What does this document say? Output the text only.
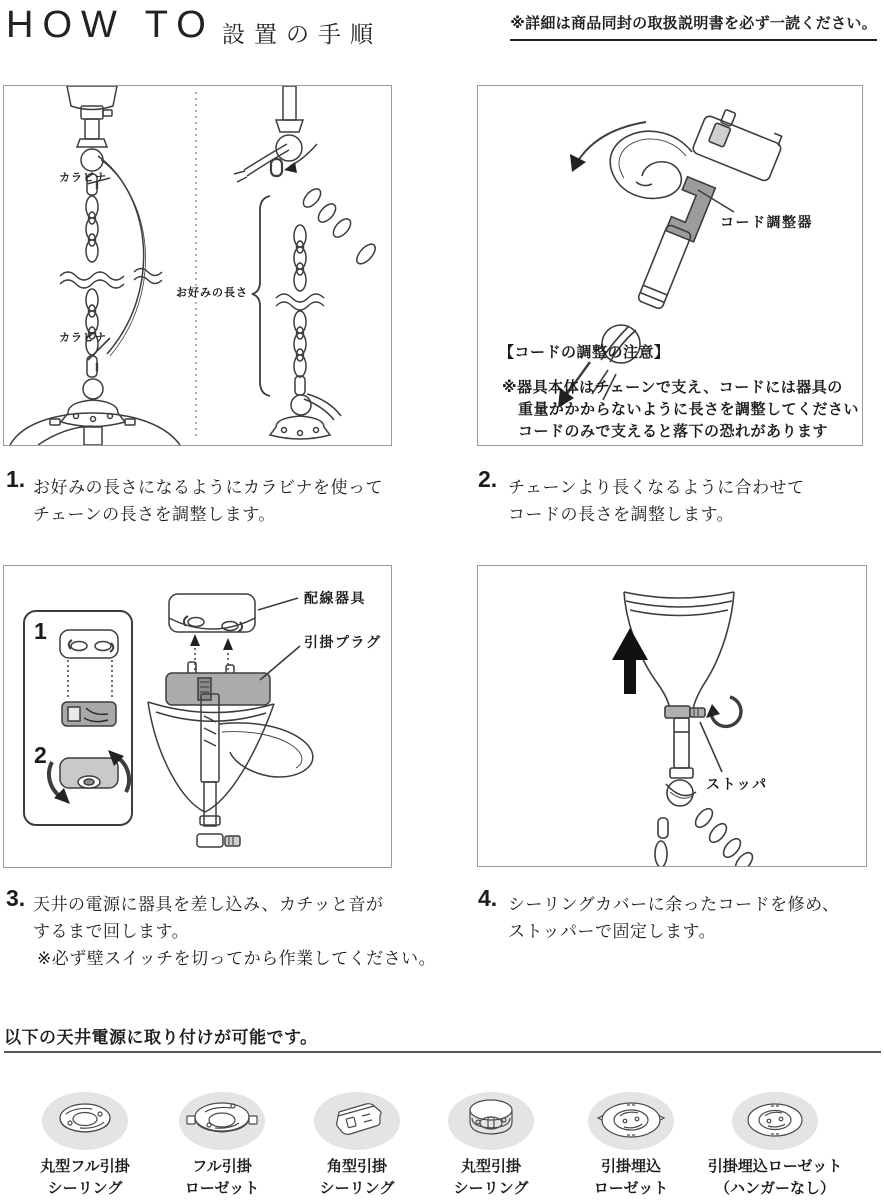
HOW TO 設置の手順	※詳細は商品同封の取扱説明書を必ず一読ください。
カラビナ
カラビナ
お好みの長さ
コード調整器
【コードの調整の注意】
※器具本体はチェーンで支え、コードには器具の
重量がかからないように長さを調整してください
コードのみで支えると落下の恐れがあります
1
2
配線器具
引掛プラグ
ストッパ
1. お好みの長さになるようにカラビナを使って
チェーンの長さを調整します。
2. チェーンより長くなるように合わせて
コードの長さを調整します。
3. 天井の電源に器具を差し込み、カチッと音が
するまで回します。
※必ず壁スイッチを切ってから作業してください。
4. シーリングカバーに余ったコードを修め、
ストッパーで固定します。
以下の天井電源に取り付けが可能です。
丸型フル引掛
シーリング
フル引掛
ローゼット
角型引掛
シーリング
丸型引掛
シーリング
引掛埋込
ローゼット
引掛埋込ローゼット
（ハンガーなし）
